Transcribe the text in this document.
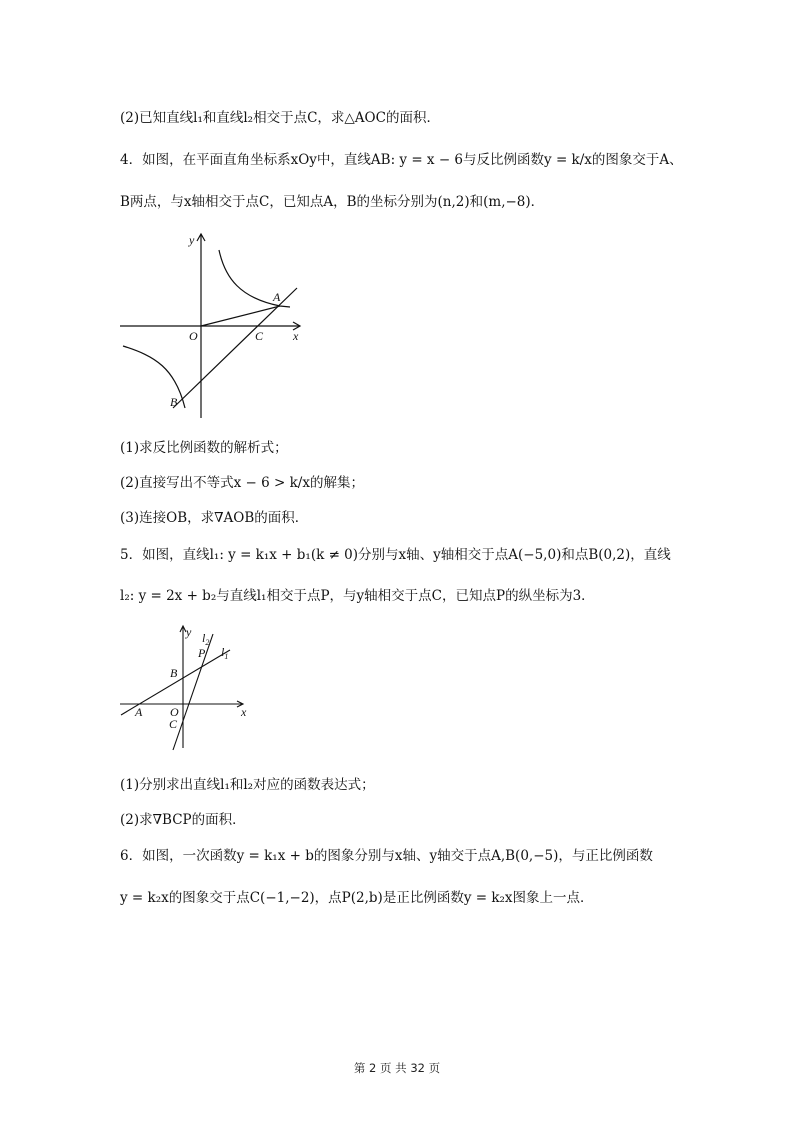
(2)已知直线l₁和直线l₂相交于点C，求△AOC的面积．
4．如图，在平面直角坐标系xOy中，直线AB: y = x − 6与反比例函数y = k/x的图象交于A、
B两点，与x轴相交于点C，已知点A，B的坐标分别为(n,2)和(m,−8)．
y
x
O
A
B
C
(1)求反比例函数的解析式；
(2)直接写出不等式x − 6 > k/x的解集；
(3)连接OB，求∇AOB的面积．
5．如图，直线l₁: y = k₁x + b₁(k ≠ 0)分别与x轴、y轴相交于点A(−5,0)和点B(0,2)，直线
l₂: y = 2x + b₂与直线l₁相交于点P，与y轴相交于点C，已知点P的纵坐标为3．
y
x
O
A
B
C
P $l_1$
$l_2$
(1)分别求出直线l₁和l₂对应的函数表达式；
(2)求∇BCP的面积．
6．如图，一次函数y = k₁x + b的图象分别与x轴、y轴交于点A,B(0,−5)，与正比例函数
y = k₂x的图象交于点C(−1,−2)，点P(2,b)是正比例函数y = k₂x图象上一点．
第 2 页 共 32 页
